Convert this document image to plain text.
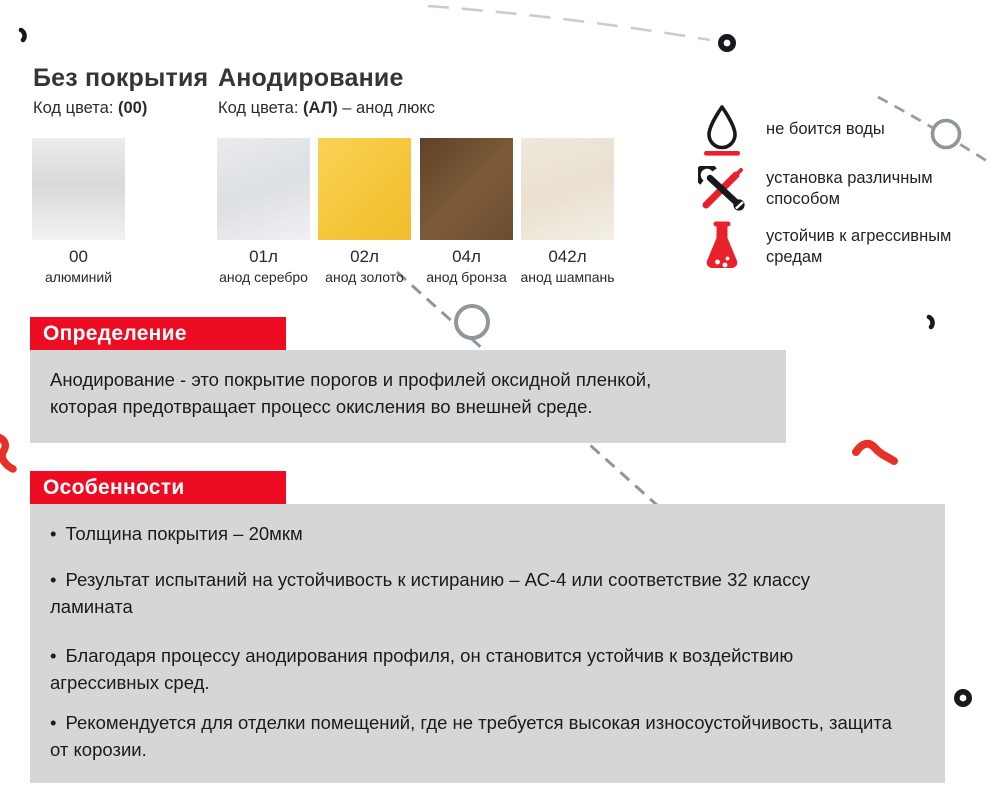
Без покрытия
Код цвета: (00)
Анодирование
Код цвета: (АЛ) – анод люкс
00
алюминий
01л
анод серебро
02л
анод золото
04л
анод бронза
042л
анод шампань
не боится воды
установка различным способом
устойчив к агрессивным средам
Определение

Анодирование - это покрытие порогов и профилей оксидной пленкой, которая предотвращает процесс окисления во внешней среде.

Особенности

• Толщина покрытия – 20мкм

• Результат испытаний на устойчивость к истиранию – АС-4 или соответствие 32 классу ламината

• Благодаря процессу анодирования профиля, он становится устойчив к воздействию агрессивных сред.

• Рекомендуется для отделки помещений, где не требуется высокая износоустойчивость, защита от корозии.
